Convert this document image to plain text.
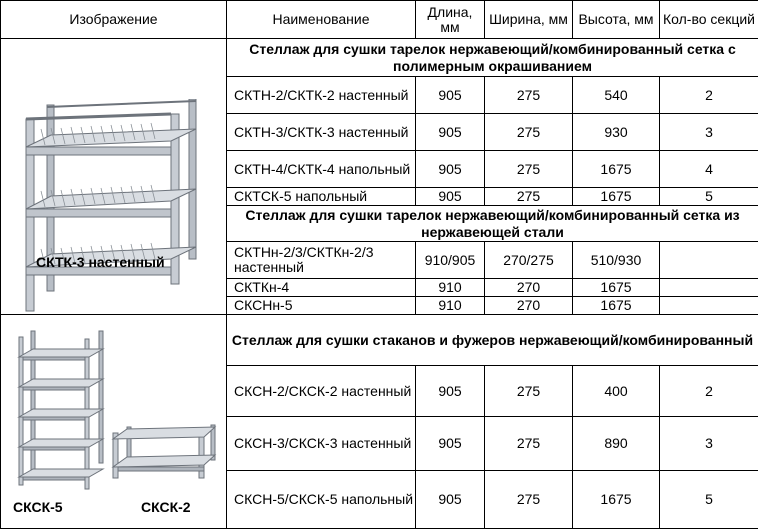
Изображение	Наименование	Длина, мм	Ширина, мм	Высота, мм	Кол-во секций

СКТК-3 настенный	Стеллаж для сушки тарелок нержавеющий/комбинированный сетка с полимерным окрашиванием				
	СКТН-2/СКТК-2 настенный	905	275	540	2
	СКТН-3/СКТК-3 настенный	905	275	930	3
	СКТН-4/СКТК-4 напольный	905	275	1675	4
	СКТСК-5 напольный	905	275	1675	5
	Стеллаж для сушки тарелок нержавеющий/комбинированный сетка из нержавеющей стали				
	СКТНн-2/3/СКТКн-2/3 настенный	910/905	270/275	510/930	
	СКТКн-4	910	270	1675	
	СКСНн-5	910	270	1675	

СКСК-5 СКСК-2	Стеллаж для сушки стаканов и фужеров нержавеющий/комбинированный				
	СКСН-2/СКСК-2 настенный	905	275	400	2
	СКСН-3/СКСК-3 настенный	905	275	890	3
	СКСН-5/СКСК-5 напольный	905	275	1675	5
